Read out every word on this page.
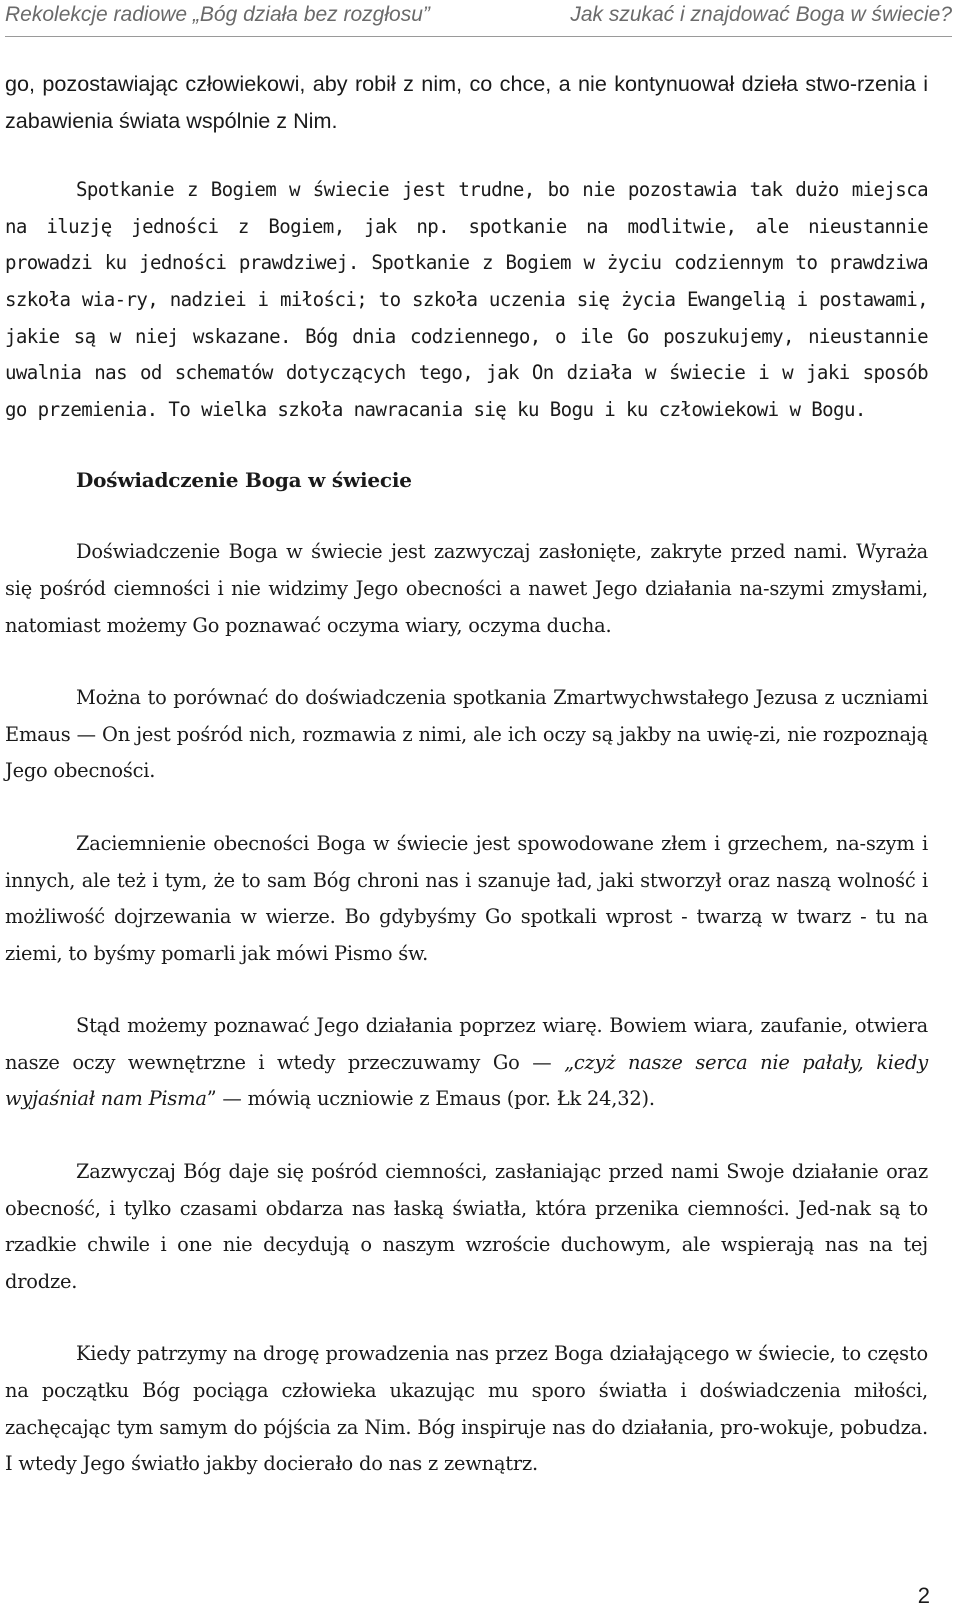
Rekolekcje radiowe „Bóg działa bez rozgłosu”	Jak szukać i znajdować Boga w świecie?

go, pozostawiając człowiekowi, aby robił z nim, co chce, a nie kontynuował dzieła stwo-rzenia i zabawienia świata wspólnie z Nim.

Spotkanie z Bogiem w świecie jest trudne, bo nie pozostawia tak dużo miejsca na iluzję jedności z Bogiem, jak np. spotkanie na modlitwie, ale nieustannie prowadzi ku jedności prawdziwej. Spotkanie z Bogiem w życiu codziennym to prawdziwa szkoła wia-ry, nadziei i miłości; to szkoła uczenia się życia Ewangelią i postawami, jakie są w niej wskazane. Bóg dnia codziennego, o ile Go poszukujemy, nieustannie uwalnia nas od schematów dotyczących tego, jak On działa w świecie i w jaki sposób go przemienia. To wielka szkoła nawracania się ku Bogu i ku człowiekowi w Bogu.

Doświadczenie Boga w świecie

Doświadczenie Boga w świecie jest zazwyczaj zasłonięte, zakryte przed nami. Wyraża się pośród ciemności i nie widzimy Jego obecności a nawet Jego działania na-szymi zmysłami, natomiast możemy Go poznawać oczyma wiary, oczyma ducha.

Można to porównać do doświadczenia spotkania Zmartwychwstałego Jezusa z uczniami Emaus — On jest pośród nich, rozmawia z nimi, ale ich oczy są jakby na uwię-zi, nie rozpoznają Jego obecności.

Zaciemnienie obecności Boga w świecie jest spowodowane złem i grzechem, na-szym i innych, ale też i tym, że to sam Bóg chroni nas i szanuje ład, jaki stworzył oraz naszą wolność i możliwość dojrzewania w wierze. Bo gdybyśmy Go spotkali wprost - twarzą w twarz - tu na ziemi, to byśmy pomarli jak mówi Pismo św.

Stąd możemy poznawać Jego działania poprzez wiarę. Bowiem wiara, zaufanie, otwiera nasze oczy wewnętrzne i wtedy przeczuwamy Go — „czyż nasze serca nie pałały, kiedy wyjaśniał nam Pisma” — mówią uczniowie z Emaus (por. Łk 24,32).

Zazwyczaj Bóg daje się pośród ciemności, zasłaniając przed nami Swoje działanie oraz obecność, i tylko czasami obdarza nas łaską światła, która przenika ciemności. Jed-nak są to rzadkie chwile i one nie decydują o naszym wzroście duchowym, ale wspierają nas na tej drodze.

Kiedy patrzymy na drogę prowadzenia nas przez Boga działającego w świecie, to często na początku Bóg pociąga człowieka ukazując mu sporo światła i doświadczenia miłości, zachęcając tym samym do pójścia za Nim. Bóg inspiruje nas do działania, pro-wokuje, pobudza. I wtedy Jego światło jakby docierało do nas z zewnątrz.

2
